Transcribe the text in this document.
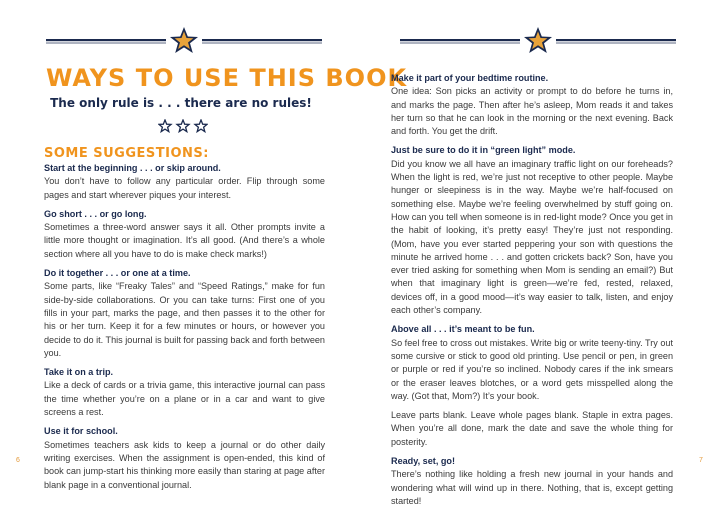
WAYS TO USE THIS BOOK
The only rule is . . . there are no rules!
SOME SUGGESTIONS:
Start at the beginning . . . or skip around.
You don’t have to follow any particular order. Flip through some pages and start wherever piques your interest.
Go short . . . or go long.
Sometimes a three-word answer says it all. Other prompts invite a little more thought or imagination. It’s all good. (And there’s a whole section where all you have to do is make check marks!)
Do it together . . . or one at a time.
Some parts, like “Freaky Tales” and “Speed Ratings,” make for fun side-by-side collaborations. Or you can take turns: First one of you fills in your part, marks the page, and then passes it to the other for his or her turn. Keep it for a few minutes or hours, or however you decide to do it. This journal is built for passing back and forth between you.
Take it on a trip.
Like a deck of cards or a trivia game, this interactive journal can pass the time whether you’re on a plane or in a car and want to give screens a rest.
Use it for school.
Sometimes teachers ask kids to keep a journal or do other daily writing exercises. When the assignment is open-ended, this kind of book can jump-start his thinking more easily than staring at page after blank page in a conventional journal.
6
Make it part of your bedtime routine.
One idea: Son picks an activity or prompt to do before he turns in, and marks the page. Then after he’s asleep, Mom reads it and takes her turn so that he can look in the morning or the next evening. Back and forth. You get the drift.
Just be sure to do it in “green light” mode.
Did you know we all have an imaginary traffic light on our foreheads? When the light is red, we’re just not receptive to other people. Maybe hunger or sleepiness is in the way. Maybe we’re half-focused on something else. Maybe we’re feeling overwhelmed by stuff going on. How can you tell when someone is in red-light mode? Once you get in the habit of looking, it’s pretty easy! They’re just not responding. (Mom, have you ever started peppering your son with questions the minute he arrived home . . . and gotten crickets back? Son, have you ever tried asking for something when Mom is sending an email?) But when that imaginary light is green—we’re fed, rested, relaxed, devices off, in a good mood—it’s way easier to talk, listen, and enjoy each other’s company.
Above all . . . it’s meant to be fun.
So feel free to cross out mistakes. Write big or write teeny-tiny. Try out some cursive or stick to good old printing. Use pencil or pen, in green or purple or red if you’re so inclined. Nobody cares if the ink smears or the eraser leaves blotches, or a word gets misspelled along the way. (Got that, Mom?) It’s your book.
Leave parts blank. Leave whole pages blank. Staple in extra pages. When you’re all done, mark the date and save the whole thing for posterity.
Ready, set, go!
There’s nothing like holding a fresh new journal in your hands and wondering what will wind up in there. Nothing, that is, except getting started!
7
